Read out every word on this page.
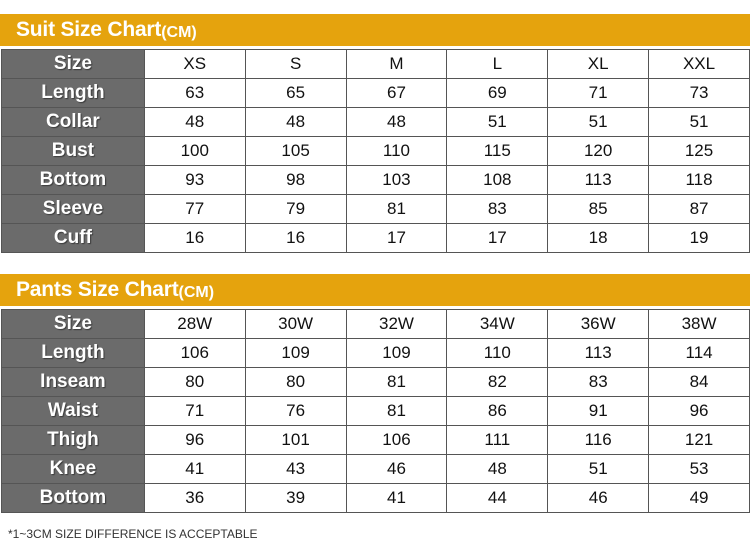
Suit Size Chart (CM)
Size	XS	S	M	L	XL	XXL
Length	63	65	67	69	71	73
Collar	48	48	48	51	51	51
Bust	100	105	110	115	120	125
Bottom	93	98	103	108	113	118
Sleeve	77	79	81	83	85	87
Cuff	16	16	17	17	18	19
Pants Size Chart (CM)
Size	28W	30W	32W	34W	36W	38W
Length	106	109	109	110	113	114
Inseam	80	80	81	82	83	84
Waist	71	76	81	86	91	96
Thigh	96	101	106	111	116	121
Knee	41	43	46	48	51	53
Bottom	36	39	41	44	46	49
*1~3CM SIZE DIFFERENCE IS ACCEPTABLE
